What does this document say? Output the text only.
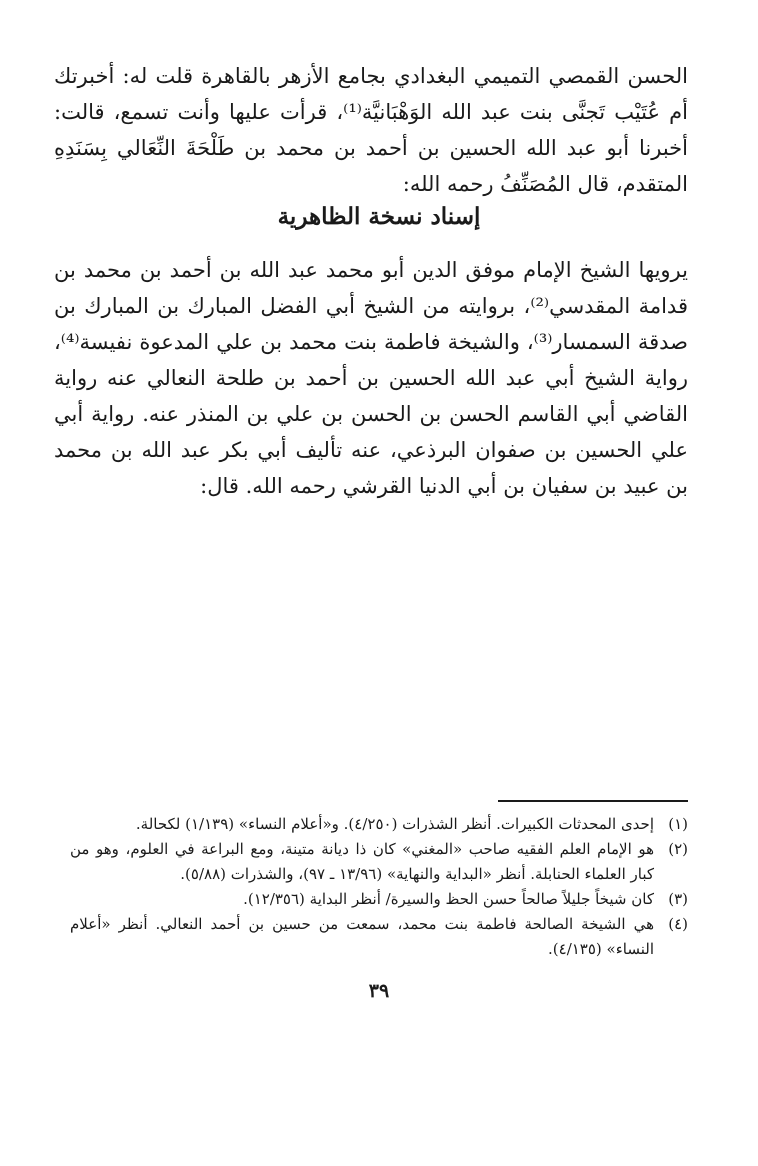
الحسن القمصي التميمي البغدادي بجامع الأزهر بالقاهرة قلت له: أخبرتك أم عُتَيْب تَجنَّى بنت عبد الله الوَهْبَانيَّة⁽¹⁾، قرأت عليها وأنت تسمع، قالت: أخبرنا أبو عبد الله الحسين بن أحمد بن محمد بن طَلْحَةَ النِّعَالي بِسَنَدِهِ المتقدم، قال المُصَنِّفُ رحمه الله:

إسناد نسخة الظاهرية

يرويها الشيخ الإمام موفق الدين أبو محمد عبد الله بن أحمد بن محمد بن قدامة المقدسي⁽²⁾، بروايته من الشيخ أبي الفضل المبارك بن المبارك بن صدقة السمسار⁽³⁾، والشيخة فاطمة بنت محمد بن علي المدعوة نفيسة⁽⁴⁾، رواية الشيخ أبي عبد الله الحسين بن أحمد بن طلحة النعالي عنه رواية القاضي أبي القاسم الحسن بن الحسن بن علي بن المنذر عنه. رواية أبي علي الحسين بن صفوان البرذعي، عنه تأليف أبي بكر عبد الله بن محمد بن عبيد بن سفيان بن أبي الدنيا القرشي رحمه الله. قال:

(١)
إحدى المحدثات الكبيرات. أنظر الشذرات (٤/٢٥٠). و«أعلام النساء» (١/١٣٩) لكحالة.
(٢)
هو الإمام العلم الفقيه صاحب «المغني» كان ذا ديانة متينة، ومع البراعة في العلوم، وهو من كبار العلماء الحنابلة. أنظر «البداية والنهاية» (١٣/٩٦ ـ ٩٧)، والشذرات (٥/٨٨).
(٣)
كان شيخاً جليلاً صالحاً حسن الحظ والسيرة/ أنظر البداية (١٢/٣٥٦).
(٤)
هي الشيخة الصالحة فاطمة بنت محمد، سمعت من حسين بن أحمد النعالي. أنظر «أعلام النساء» (٤/١٣٥).
٣٩
